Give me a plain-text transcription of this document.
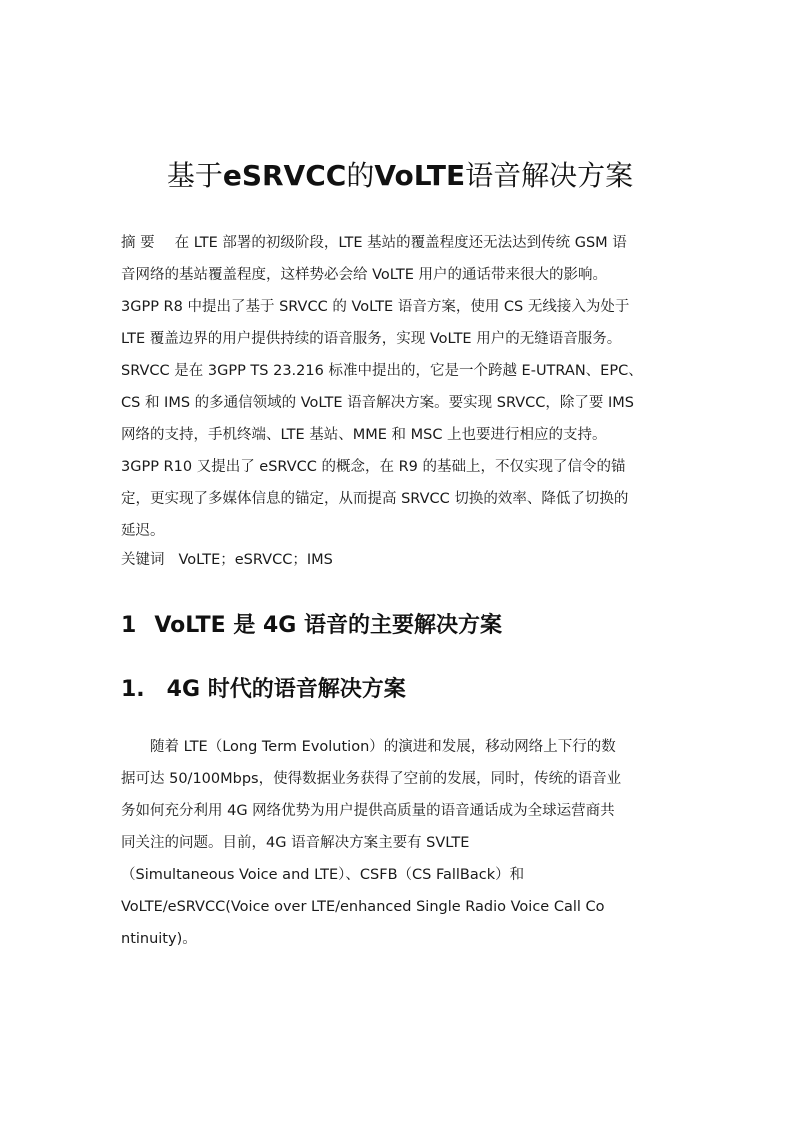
基于eSRVCC的VoLTE语音解决方案
摘 要 在 LTE 部署的初级阶段，LTE 基站的覆盖程度还无法达到传统 GSM 语
音网络的基站覆盖程度，这样势必会给 VoLTE 用户的通话带来很大的影响。
3GPP R8 中提出了基于 SRVCC 的 VoLTE 语音方案，使用 CS 无线接入为处于
LTE 覆盖边界的用户提供持续的语音服务，实现 VoLTE 用户的无缝语音服务。
SRVCC 是在 3GPP TS 23.216 标准中提出的，它是一个跨越 E-UTRAN、EPC、
CS 和 IMS 的多通信领域的 VoLTE 语音解决方案。要实现 SRVCC，除了要 IMS
网络的支持，手机终端、LTE 基站、MME 和 MSC 上也要进行相应的支持。
3GPP R10 又提出了 eSRVCC 的概念，在 R9 的基础上，不仅实现了信令的锚
定，更实现了多媒体信息的锚定，从而提高 SRVCC 切换的效率、降低了切换的
延迟。
关键词 VoLTE；eSRVCC；IMS
1 VoLTE 是 4G 语音的主要解决方案
1. 4G 时代的语音解决方案
随着 LTE（Long Term Evolution）的演进和发展，移动网络上下行的数
据可达 50/100Mbps，使得数据业务获得了空前的发展，同时，传统的语音业
务如何充分利用 4G 网络优势为用户提供高质量的语音通话成为全球运营商共
同关注的问题。目前，4G 语音解决方案主要有 SVLTE
（Simultaneous Voice and LTE）、CSFB（CS FallBack）和
VoLTE/eSRVCC(Voice over LTE/enhanced Single Radio Voice Call Co
ntinuity)。
